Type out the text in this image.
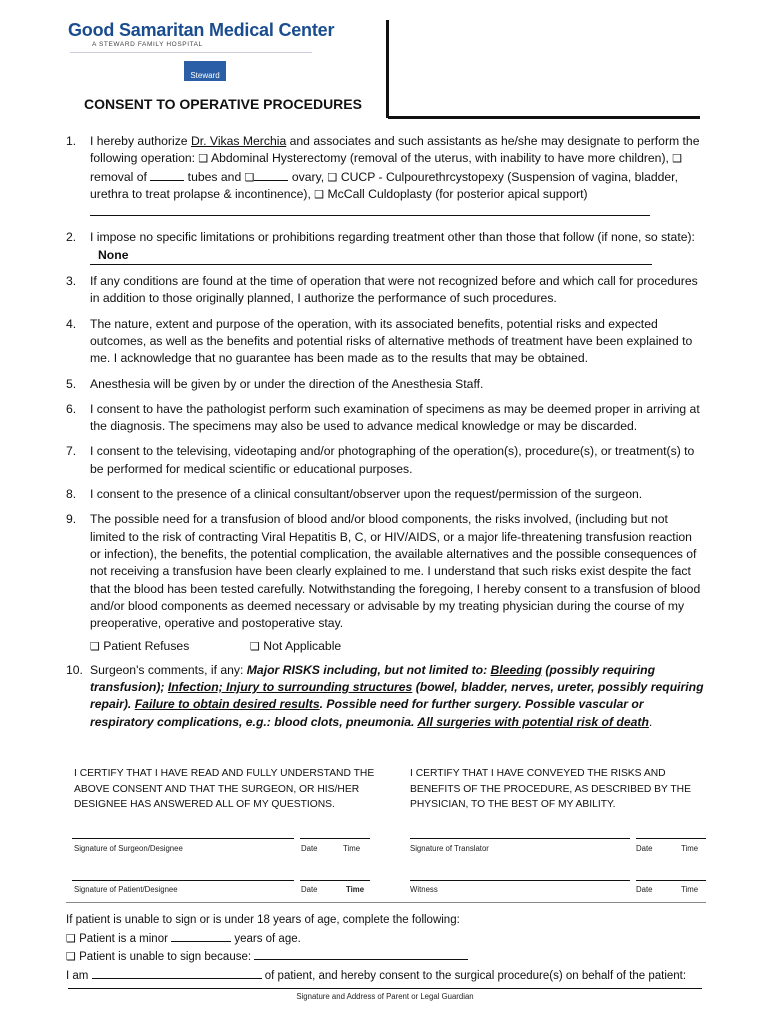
Good Samaritan Medical Center
A STEWARD FAMILY HOSPITAL
Steward
CONSENT TO OPERATIVE PROCEDURES
1.	I hereby authorize Dr. Vikas Merchia and associates and such assistants as he/she may designate to perform the following operation: ❑ Abdominal Hysterectomy (removal of the uterus, with inability to have more children), ❑ removal of	tubes and ❑	ovary, ❑ CUCP - Culpourethrcystopexy (Suspension of vagina, bladder, urethra to treat prolapse & incontinence), ❑ McCall Culdoplasty (for posterior apical support)
2.	I impose no specific limitations or prohibitions regarding treatment other than those that follow (if none, so state): None
3.	If any conditions are found at the time of operation that were not recognized before and which call for procedures in addition to those originally planned, I authorize the performance of such procedures.
4.	The nature, extent and purpose of the operation, with its associated benefits, potential risks and expected outcomes, as well as the benefits and potential risks of alternative methods of treatment have been explained to me. I acknowledge that no guarantee has been made as to the results that may be obtained.
5.	Anesthesia will be given by or under the direction of the Anesthesia Staff.
6.	I consent to have the pathologist perform such examination of specimens as may be deemed proper in arriving at the diagnosis. The specimens may also be used to advance medical knowledge or may be discarded.
7.	I consent to the televising, videotaping and/or photographing of the operation(s), procedure(s), or treatment(s) to be performed for medical scientific or educational purposes.
8.	I consent to the presence of a clinical consultant/observer upon the request/permission of the surgeon.
9.	The possible need for a transfusion of blood and/or blood components, the risks involved, (including but not limited to the risk of contracting Viral Hepatitis B, C, or HIV/AIDS, or a major life-threatening transfusion reaction or infection), the benefits, the potential complication, the available alternatives and the possible consequences of not receiving a transfusion have been clearly explained to me. I understand that such risks exist despite the fact that the blood has been tested carefully. Notwithstanding the foregoing, I hereby consent to a transfusion of blood and/or blood components as deemed necessary or advisable by my treating physician during the course of my preoperative, operative and postoperative stay.
❑ Patient Refuses	❑ Not Applicable
10. Surgeon's comments, if any: Major RISKS including, but not limited to: Bleeding (possibly requiring transfusion); Infection; Injury to surrounding structures (bowel, bladder, nerves, ureter, possibly requiring repair). Failure to obtain desired results. Possible need for further surgery. Possible vascular or respiratory complications, e.g.: blood clots, pneumonia. All surgeries with potential risk of death.
I CERTIFY THAT I HAVE READ AND FULLY UNDERSTAND THE ABOVE CONSENT AND THAT THE SURGEON, OR HIS/HER DESIGNEE HAS ANSWERED ALL OF MY QUESTIONS.
I CERTIFY THAT I HAVE CONVEYED THE RISKS AND BENEFITS OF THE PROCEDURE, AS DESCRIBED BY THE PHYSICIAN, TO THE BEST OF MY ABILITY.
Signature of Surgeon/Designee	Date	Time	Signature of Translator	Date	Time
Signature of Patient/Designee	Date	Time	Witness	Date	Time
If patient is unable to sign or is under 18 years of age, complete the following:
❑ Patient is a minor	years of age.
❑ Patient is unable to sign because:
I am	of patient, and hereby consent to the surgical procedure(s) on behalf of the patient:
Signature and Address of Parent or Legal Guardian
